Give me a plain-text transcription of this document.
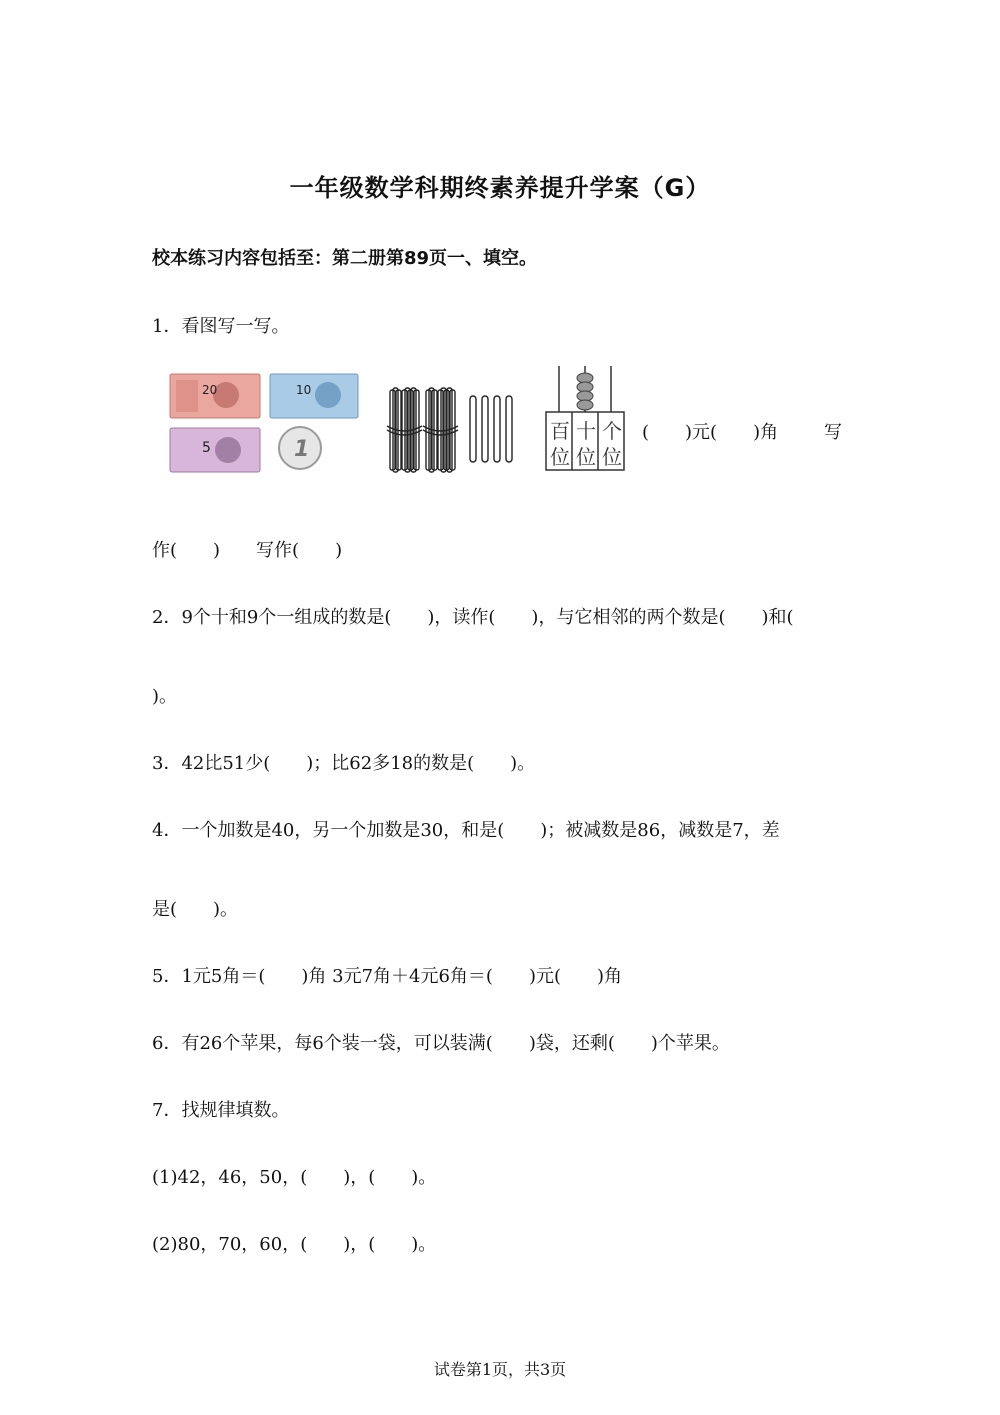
一年级数学科期终素养提升学案（G）
校本练习内容包括至：第二册第89页一、填空。
1．看图写一写。
20	10
5	1
百
位
十
位
个
位
(　　)元(　　)角	写
作(　　)　　写作(　　)
2．9个十和9个一组成的数是(　　)，读作(　　)，与它相邻的两个数是(　　)和(
)。
3．42比51少(　　)；比62多18的数是(　　)。
4．一个加数是40，另一个加数是30，和是(　　)；被减数是86，减数是7，差
是(　　)。
5．1元5角＝(　　)角 3元7角＋4元6角＝(　　)元(　　)角
6．有26个苹果，每6个装一袋，可以装满(　　)袋，还剩(　　)个苹果。
7．找规律填数。
(1)42，46，50，(　　)，(　　)。
(2)80，70，60，(　　)，(　　)。
试卷第1页，共3页
